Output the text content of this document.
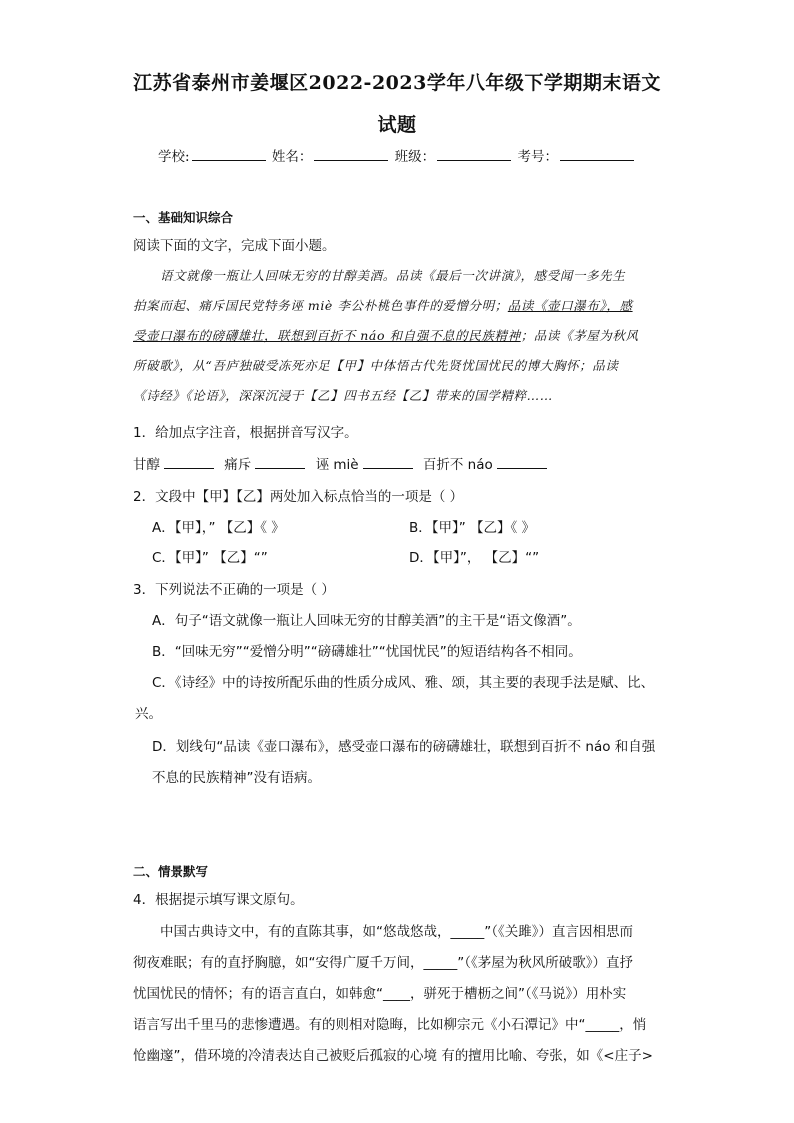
江苏省泰州市姜堰区2022-2023学年八年级下学期期末语文
试题
学校:	姓名：	班级：	考号：
一、基础知识综合
阅读下面的文字，完成下面小题。
语文就像一瓶让人回味无穷的甘醇美酒。品读《最后一次讲演》，感受闻一多先生
拍案而起、痛斥国民党特务诬 miè 李公朴桃色事件的爱憎分明；品读《壶口瀑布》，感
受壶口瀑布的磅礴雄壮，联想到百折不 náo 和自强不息的民族精神；品读《茅屋为秋风
所破歌》，从“吾庐独破受冻死亦足【甲】中体悟古代先贤忧国忧民的博大胸怀；品读
《诗经》《论语》，深深沉浸于【乙】四书五经【乙】带来的国学精粹……
1．给加点字注音，根据拼音写汉字。
甘醇	痛斥	诬 miè	百折不 náo
2．文段中【甲】【乙】两处加入标点恰当的一项是（ ）
A．【甲】，” 【乙】《 》	B．【甲】” 【乙】《 》
C．【甲】” 【乙】“”	D．【甲】”， 【乙】“”
3．下列说法不正确的一项是（ ）
A．句子“语文就像一瓶让人回味无穷的甘醇美酒”的主干是“语文像酒”。
B．“回味无穷”“爱憎分明”“磅礴雄壮”“忧国忧民”的短语结构各不相同。
C．《诗经》中的诗按所配乐曲的性质分成风、雅、颂，其主要的表现手法是赋、比、
兴。
D．划线句“品读《壶口瀑布》，感受壶口瀑布的磅礴雄壮，联想到百折不 náo 和自强
不息的民族精神”没有语病。
二、情景默写
4．根据提示填写课文原句。
中国古典诗文中，有的直陈其事，如“悠哉悠哉，_____”（《关雎》）直言因相思而
彻夜难眠；有的直抒胸臆，如“安得广厦千万间，_____”（《茅屋为秋风所破歌》）直抒
忧国忧民的情怀；有的语言直白，如韩愈“____，骈死于槽枥之间”（《马说》）用朴实
语言写出千里马的悲惨遭遇。有的则相对隐晦，比如柳宗元《小石潭记》中“_____，悄
怆幽邃”，借环境的冷清表达自己被贬后孤寂的心境 有的擅用比喻、夸张，如《<庄子>
